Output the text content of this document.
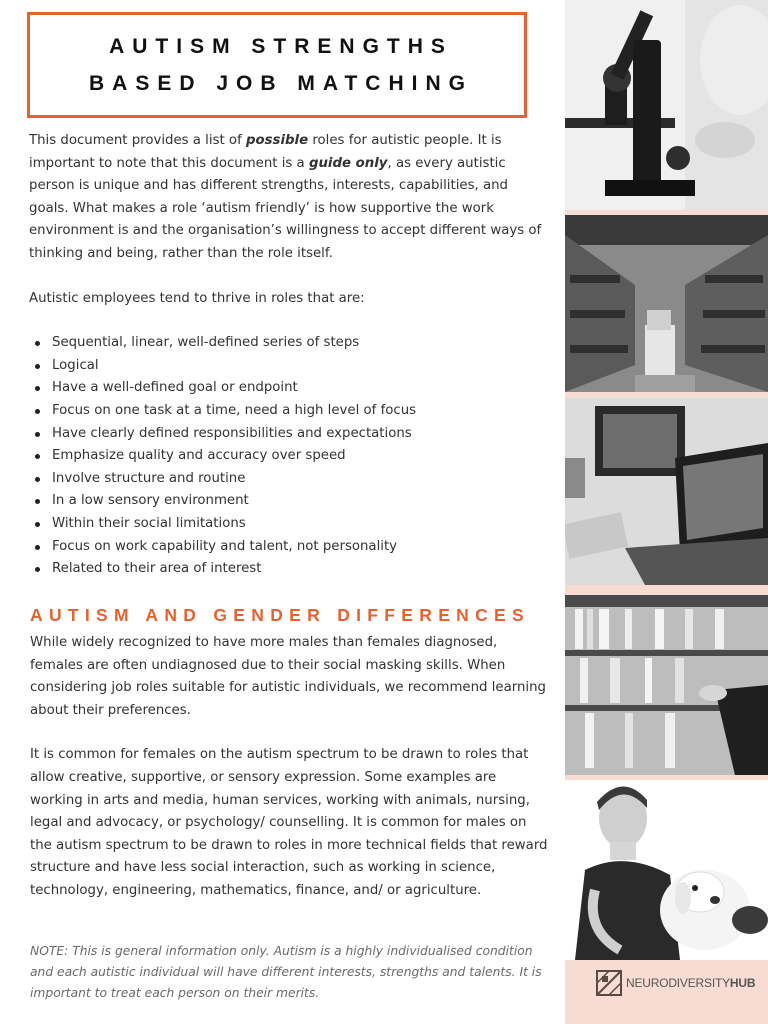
AUTISM STRENGTHS
BASED JOB MATCHING

This document provides a list of possible roles for autistic people. It is important to note that this document is a guide only, as every autistic person is unique and has different strengths, interests, capabilities, and goals. What makes a role ‘autism friendly’ is how supportive the work environment is and the organisation’s willingness to accept different ways of thinking and being, rather than the role itself.

Autistic employees tend to thrive in roles that are:

Sequential, linear, well-defined series of steps
Logical
Have a well-defined goal or endpoint
Focus on one task at a time, need a high level of focus
Have clearly defined responsibilities and expectations
Emphasize quality and accuracy over speed
Involve structure and routine
In a low sensory environment
Within their social limitations
Focus on work capability and talent, not personality
Related to their area of interest
AUTISM AND GENDER DIFFERENCES

While widely recognized to have more males than females diagnosed, females are often undiagnosed due to their social masking skills. When considering job roles suitable for autistic individuals, we recommend learning about their preferences.

It is common for females on the autism spectrum to be drawn to roles that allow creative, supportive, or sensory expression. Some examples are working in arts and media, human services, working with animals, nursing, legal and advocacy, or psychology/ counselling. It is common for males on the autism spectrum to be drawn to roles in more technical fields that reward structure and have less social interaction, such as working in science, technology, engineering, mathematics, finance, and/ or agriculture.

NOTE: This is general information only. Autism is a highly individualised condition and each autistic individual will have different interests, strengths and talents. It is important to treat each person on their merits.
NEURODIVERSITYHUB
